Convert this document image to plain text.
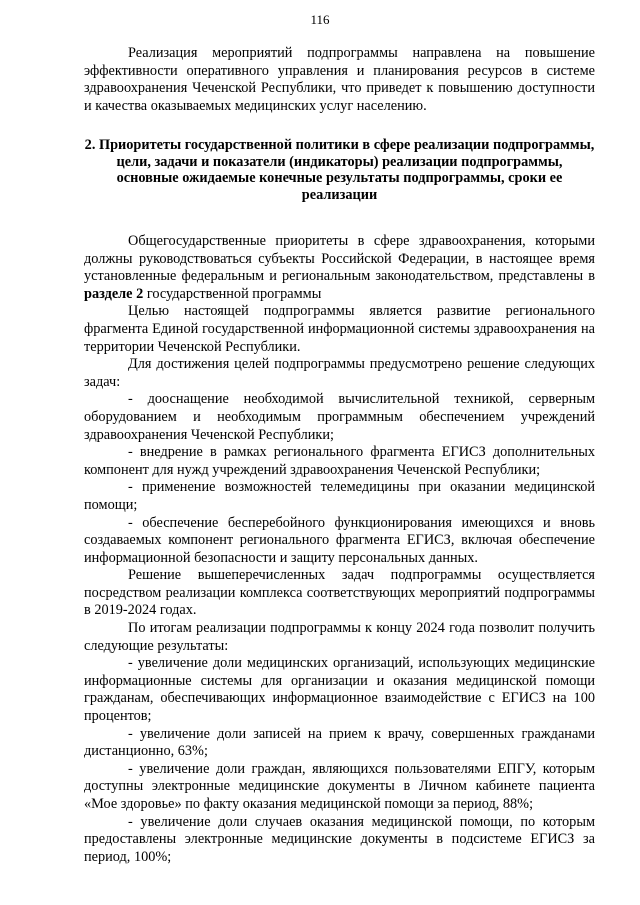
116

Реализация мероприятий подпрограммы направлена на повышение эффективности оперативного управления и планирования ресурсов в системе здравоохранения Чеченской Республики, что приведет к повышению доступности и качества оказываемых медицинских услуг населению.

2. Приоритеты государственной политики в сфере реализации подпрограммы, цели, задачи и показатели (индикаторы) реализации подпрограммы, основные ожидаемые конечные результаты подпрограммы, сроки ее реализации

Общегосударственные приоритеты в сфере здравоохранения, которыми должны руководствоваться субъекты Российской Федерации, в настоящее время установленные федеральным и региональным законодательством, представлены в разделе 2 государственной программы

Целью настоящей подпрограммы является развитие регионального фрагмента Единой государственной информационной системы здравоохранения на территории Чеченской Республики.

Для достижения целей подпрограммы предусмотрено решение следующих задач:

- дооснащение необходимой вычислительной техникой, серверным оборудованием и необходимым программным обеспечением учреждений здравоохранения Чеченской Республики;

- внедрение в рамках регионального фрагмента ЕГИСЗ дополнительных компонент для нужд учреждений здравоохранения Чеченской Республики;

- применение возможностей телемедицины при оказании медицинской помощи;

- обеспечение бесперебойного функционирования имеющихся и вновь создаваемых компонент регионального фрагмента ЕГИСЗ, включая обеспечение информационной безопасности и защиту персональных данных.

Решение вышеперечисленных задач подпрограммы осуществляется посредством реализации комплекса соответствующих мероприятий подпрограммы в 2019-2024 годах.

По итогам реализации подпрограммы к концу 2024 года позволит получить следующие результаты:

- увеличение доли медицинских организаций, использующих медицинские информационные системы для организации и оказания медицинской помощи гражданам, обеспечивающих информационное взаимодействие с ЕГИСЗ на 100 процентов;

- увеличение доли записей на прием к врачу, совершенных гражданами дистанционно, 63%;

- увеличение доли граждан, являющихся пользователями ЕПГУ, которым доступны электронные медицинские документы в Личном кабинете пациента «Мое здоровье» по факту оказания медицинской помощи за период, 88%;

- увеличение доли случаев оказания медицинской помощи, по которым предоставлены электронные медицинские документы в подсистеме ЕГИСЗ за период, 100%;
